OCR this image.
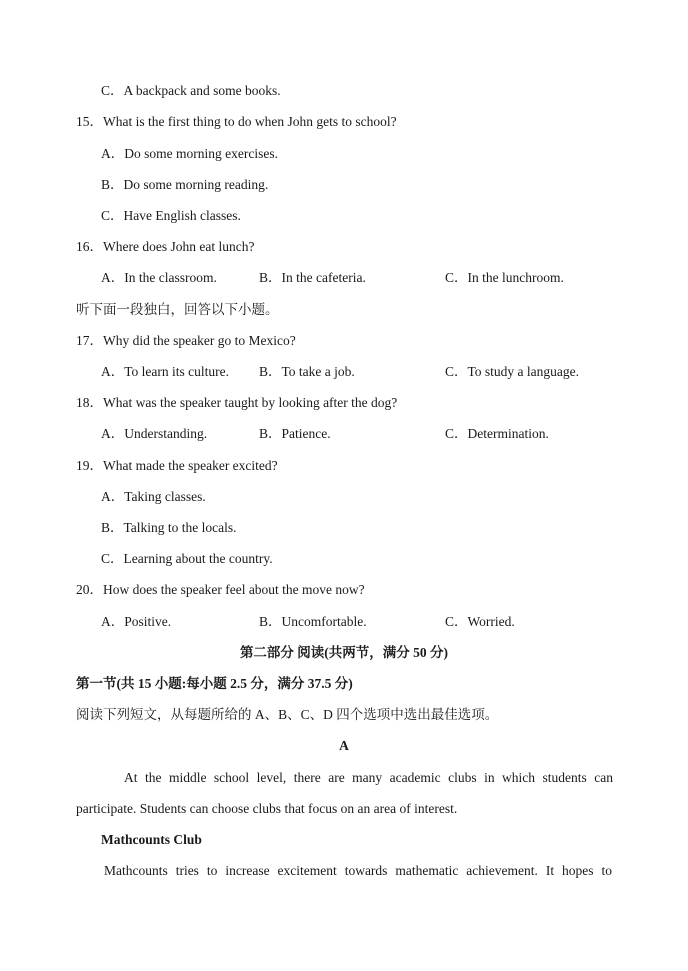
C．A backpack and some books.
15．What is the first thing to do when John gets to school?
A．Do some morning exercises.
B．Do some morning reading.
C．Have English classes.
16．Where does John eat lunch?
A．In the classroom.	B．In the cafeteria.	C．In the lunchroom.
听下面一段独白，回答以下小题。
17．Why did the speaker go to Mexico?
A．To learn its culture. B．To take a job.	C．To study a language.
18．What was the speaker taught by looking after the dog?
A．Understanding.	B．Patience.	C．Determination.
19．What made the speaker excited?
A．Taking classes.
B．Talking to the locals.
C．Learning about the country.
20．How does the speaker feel about the move now?
A．Positive.	B．Uncomfortable.	C．Worried.
第二部分 阅读(共两节，满分 50 分)
第一节(共 15 小题:每小题 2.5 分，满分 37.5 分)
阅读下列短文，从每题所给的 A、B、C、D 四个选项中选出最佳选项。
A
At the middle school level, there are many academic clubs in which students can
participate. Students can choose clubs that focus on an area of interest.
Mathcounts Club
Mathcounts tries to increase excitement towards mathematic achievement. It hopes to
